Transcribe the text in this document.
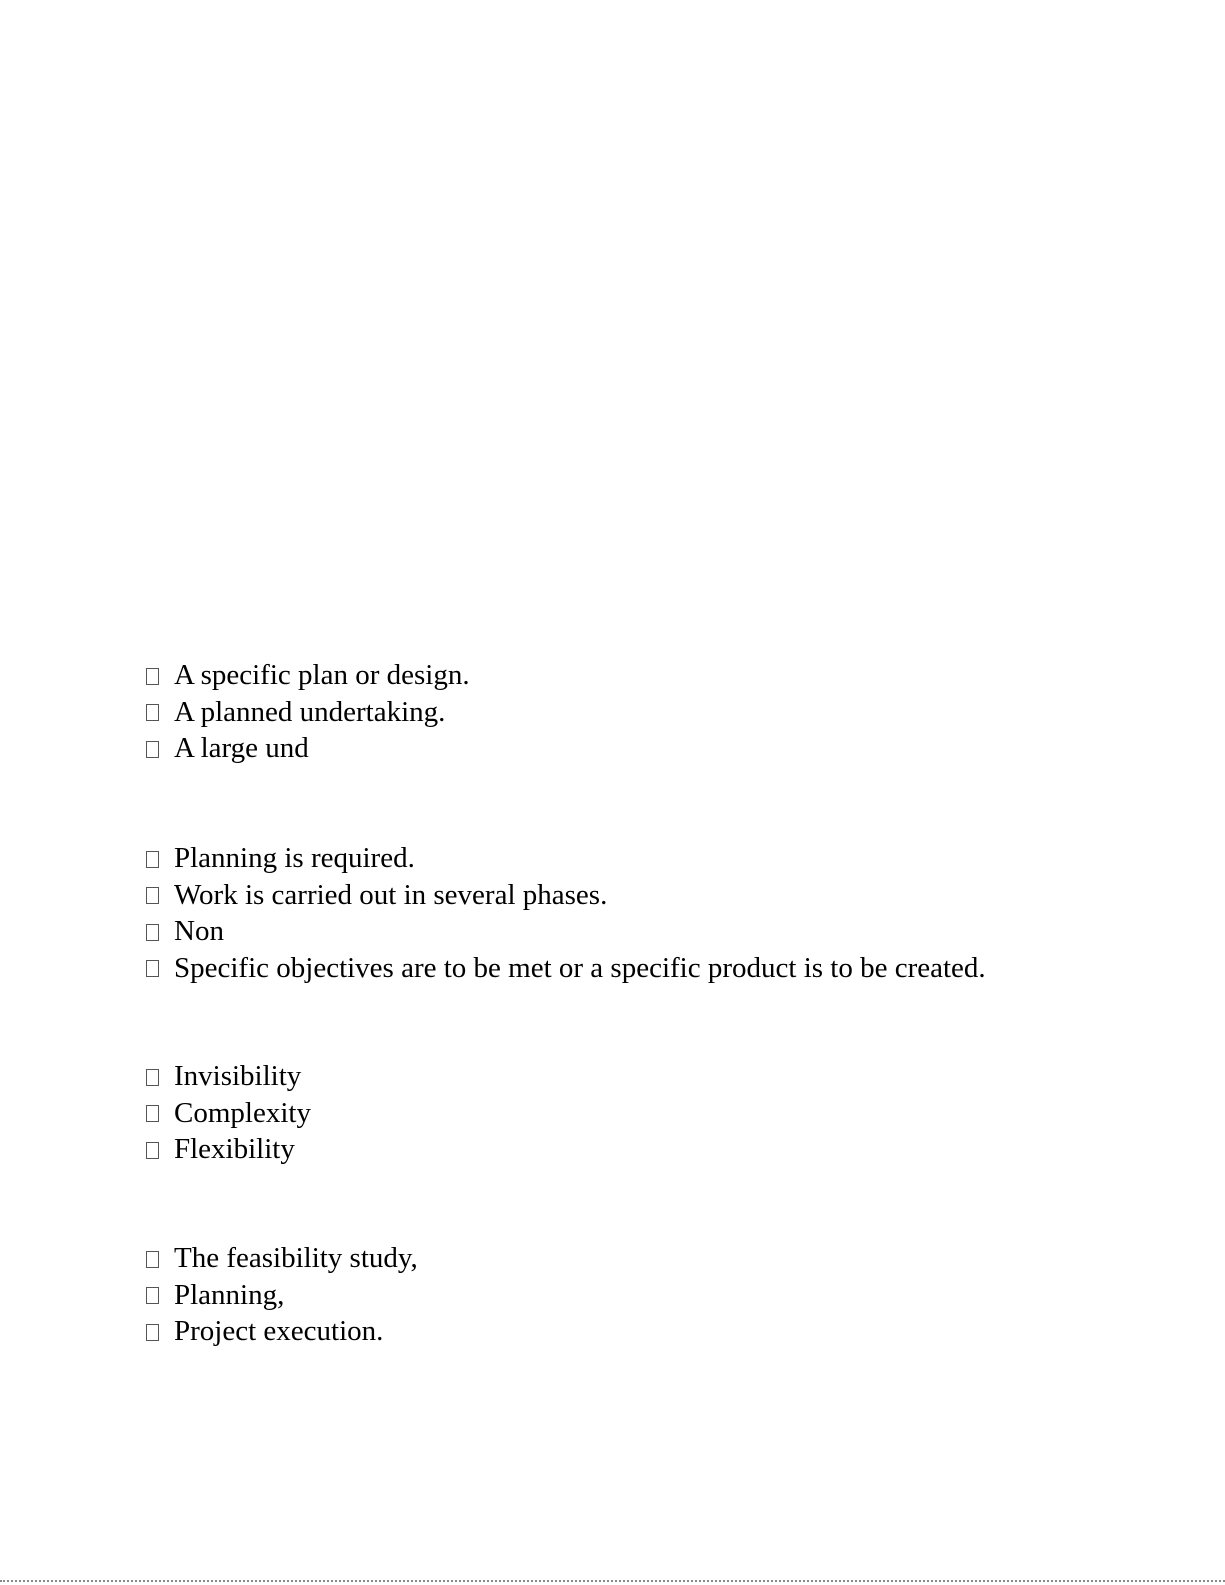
A specific plan or design.
A planned undertaking.
A large und
Planning is required.
Work is carried out in several phases.
Non
Specific objectives are to be met or a specific product is to be created.
Invisibility
Complexity
Flexibility
The feasibility study,
Planning,
Project execution.
